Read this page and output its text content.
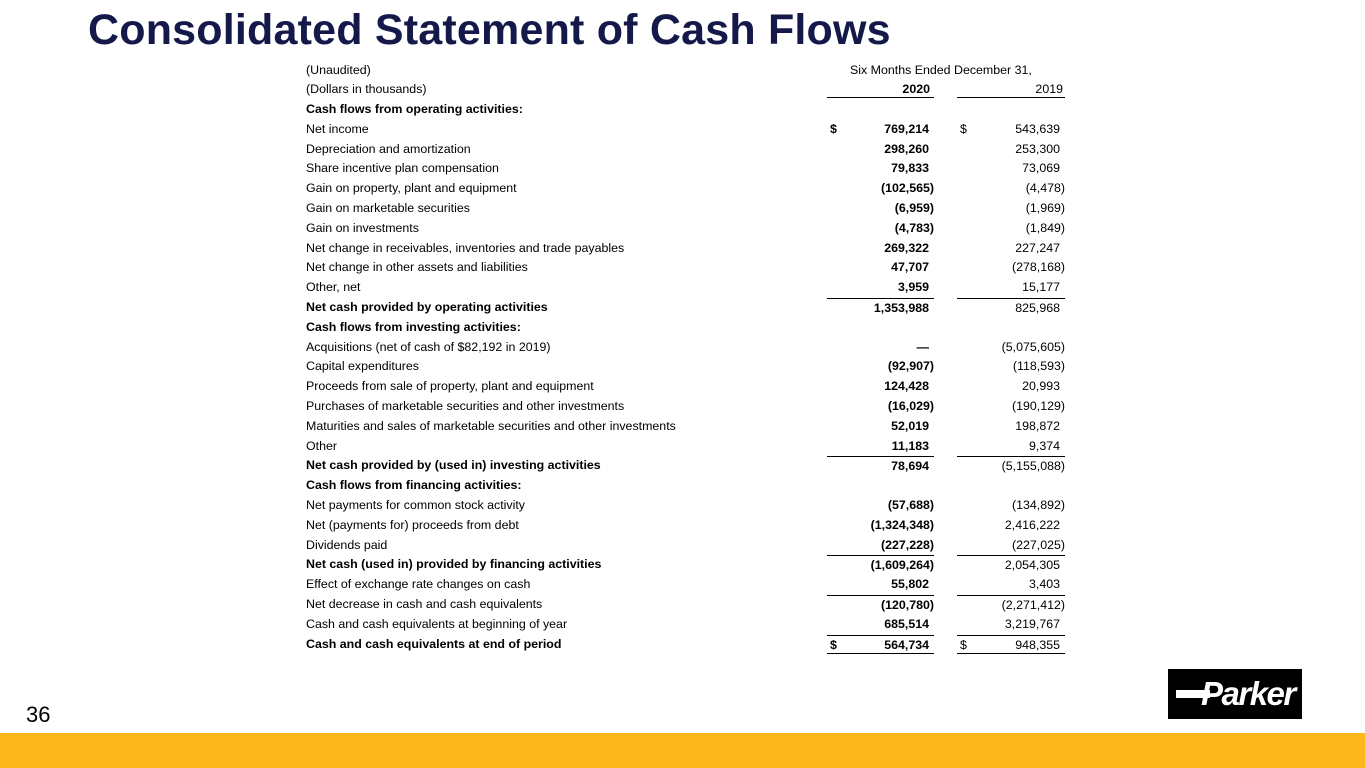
Consolidated Statement of Cash Flows
(Unaudited)	Six Months Ended December 31,
(Dollars in thousands)	2020	2019
Cash flows from operating activities:
Net income	$	769,214	$	543,639
Depreciation and amortization	298,260	253,300
Share incentive plan compensation	79,833	73,069
Gain on property, plant and equipment	(102,565)	(4,478)
Gain on marketable securities	(6,959)	(1,969)
Gain on investments	(4,783)	(1,849)
Net change in receivables, inventories and trade payables	269,322	227,247
Net change in other assets and liabilities	47,707	(278,168)
Other, net	3,959	15,177
Net cash provided by operating activities	1,353,988	825,968
Cash flows from investing activities:
Acquisitions (net of cash of $82,192 in 2019)	—	(5,075,605)
Capital expenditures	(92,907)	(118,593)
Proceeds from sale of property, plant and equipment	124,428	20,993
Purchases of marketable securities and other investments	(16,029)	(190,129)
Maturities and sales of marketable securities and other investments	52,019	198,872
Other	11,183	9,374
Net cash provided by (used in) investing activities	78,694	(5,155,088)
Cash flows from financing activities:
Net payments for common stock activity	(57,688)	(134,892)
Net (payments for) proceeds from debt	(1,324,348)	2,416,222
Dividends paid	(227,228)	(227,025)
Net cash (used in) provided by financing activities	(1,609,264)	2,054,305
Effect of exchange rate changes on cash	55,802	3,403
Net decrease in cash and cash equivalents	(120,780)	(2,271,412)
Cash and cash equivalents at beginning of year	685,514	3,219,767
Cash and cash equivalents at end of period	$	564,734	$	948,355
36
Parker
